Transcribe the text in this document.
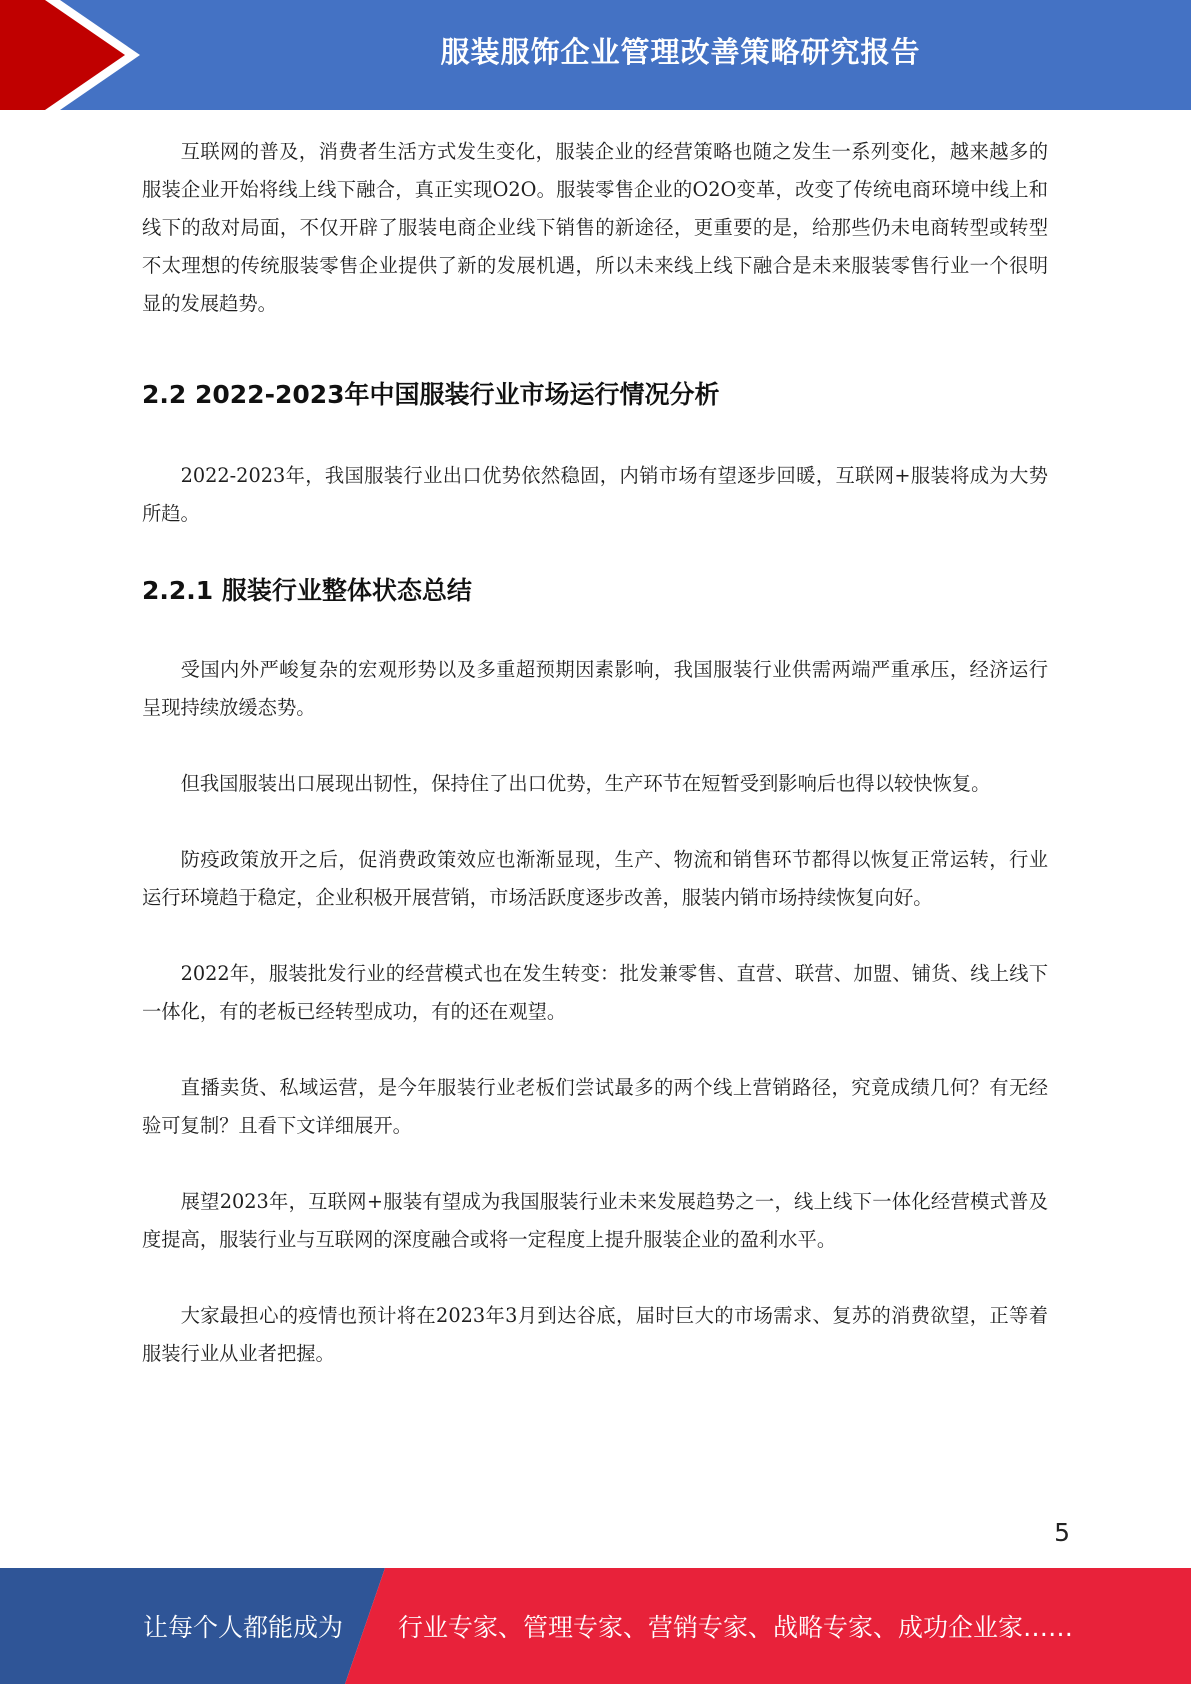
服装服饰企业管理改善策略研究报告

互联网的普及，消费者生活方式发生变化，服装企业的经营策略也随之发生一系列变化，越来越多的服装企业开始将线上线下融合，真正实现O2O。服装零售企业的O2O变革，改变了传统电商环境中线上和线下的敌对局面，不仅开辟了服装电商企业线下销售的新途径，更重要的是，给那些仍未电商转型或转型不太理想的传统服装零售企业提供了新的发展机遇，所以未来线上线下融合是未来服装零售行业一个很明显的发展趋势。

2.2 2022-2023年中国服装行业市场运行情况分析

2022-2023年，我国服装行业出口优势依然稳固，内销市场有望逐步回暖，互联网+服装将成为大势所趋。

2.2.1 服装行业整体状态总结

受国内外严峻复杂的宏观形势以及多重超预期因素影响，我国服装行业供需两端严重承压，经济运行呈现持续放缓态势。

但我国服装出口展现出韧性，保持住了出口优势，生产环节在短暂受到影响后也得以较快恢复。

防疫政策放开之后，促消费政策效应也渐渐显现，生产、物流和销售环节都得以恢复正常运转，行业运行环境趋于稳定，企业积极开展营销，市场活跃度逐步改善，服装内销市场持续恢复向好。

2022年，服装批发行业的经营模式也在发生转变：批发兼零售、直营、联营、加盟、铺货、线上线下一体化，有的老板已经转型成功，有的还在观望。

直播卖货、私域运营，是今年服装行业老板们尝试最多的两个线上营销路径，究竟成绩几何？有无经验可复制？且看下文详细展开。

展望2023年，互联网+服装有望成为我国服装行业未来发展趋势之一，线上线下一体化经营模式普及度提高，服装行业与互联网的深度融合或将一定程度上提升服装企业的盈利水平。

大家最担心的疫情也预计将在2023年3月到达谷底，届时巨大的市场需求、复苏的消费欲望，正等着服装行业从业者把握。

5
让每个人都能成为 行业专家、管理专家、营销专家、战略专家、成功企业家……
